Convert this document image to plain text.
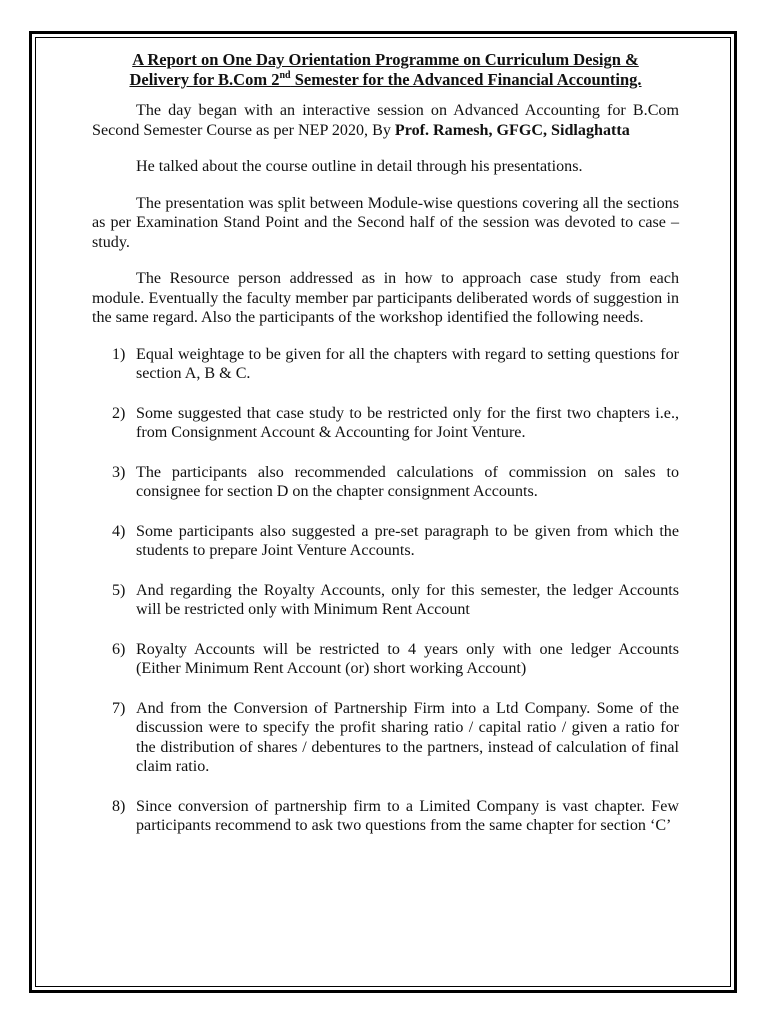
A Report on One Day Orientation Programme on Curriculum Design &
Delivery for B.Com 2nd Semester for the Advanced Financial Accounting.

The day began with an interactive session on Advanced Accounting for B.Com Second Semester Course as per NEP 2020, By Prof. Ramesh, GFGC, Sidlaghatta

He talked about the course outline in detail through his presentations.

The presentation was split between Module-wise questions covering all the sections as per Examination Stand Point and the Second half of the session was devoted to case – study.

The Resource person addressed as in how to approach case study from each module. Eventually the faculty member par participants deliberated words of suggestion in the same regard. Also the participants of the workshop identified the following needs.

1) Equal weightage to be given for all the chapters with regard to setting questions for section A, B & C.
2) Some suggested that case study to be restricted only for the first two chapters i.e., from Consignment Account & Accounting for Joint Venture.
3) The participants also recommended calculations of commission on sales to consignee for section D on the chapter consignment Accounts.
4) Some participants also suggested a pre-set paragraph to be given from which the students to prepare Joint Venture Accounts.
5) And regarding the Royalty Accounts, only for this semester, the ledger Accounts will be restricted only with Minimum Rent Account
6) Royalty Accounts will be restricted to 4 years only with one ledger Accounts (Either Minimum Rent Account (or) short working Account)
7) And from the Conversion of Partnership Firm into a Ltd Company. Some of the discussion were to specify the profit sharing ratio / capital ratio / given a ratio for the distribution of shares / debentures to the partners, instead of calculation of final claim ratio.
8) Since conversion of partnership firm to a Limited Company is vast chapter. Few participants recommend to ask two questions from the same chapter for section ‘C’
